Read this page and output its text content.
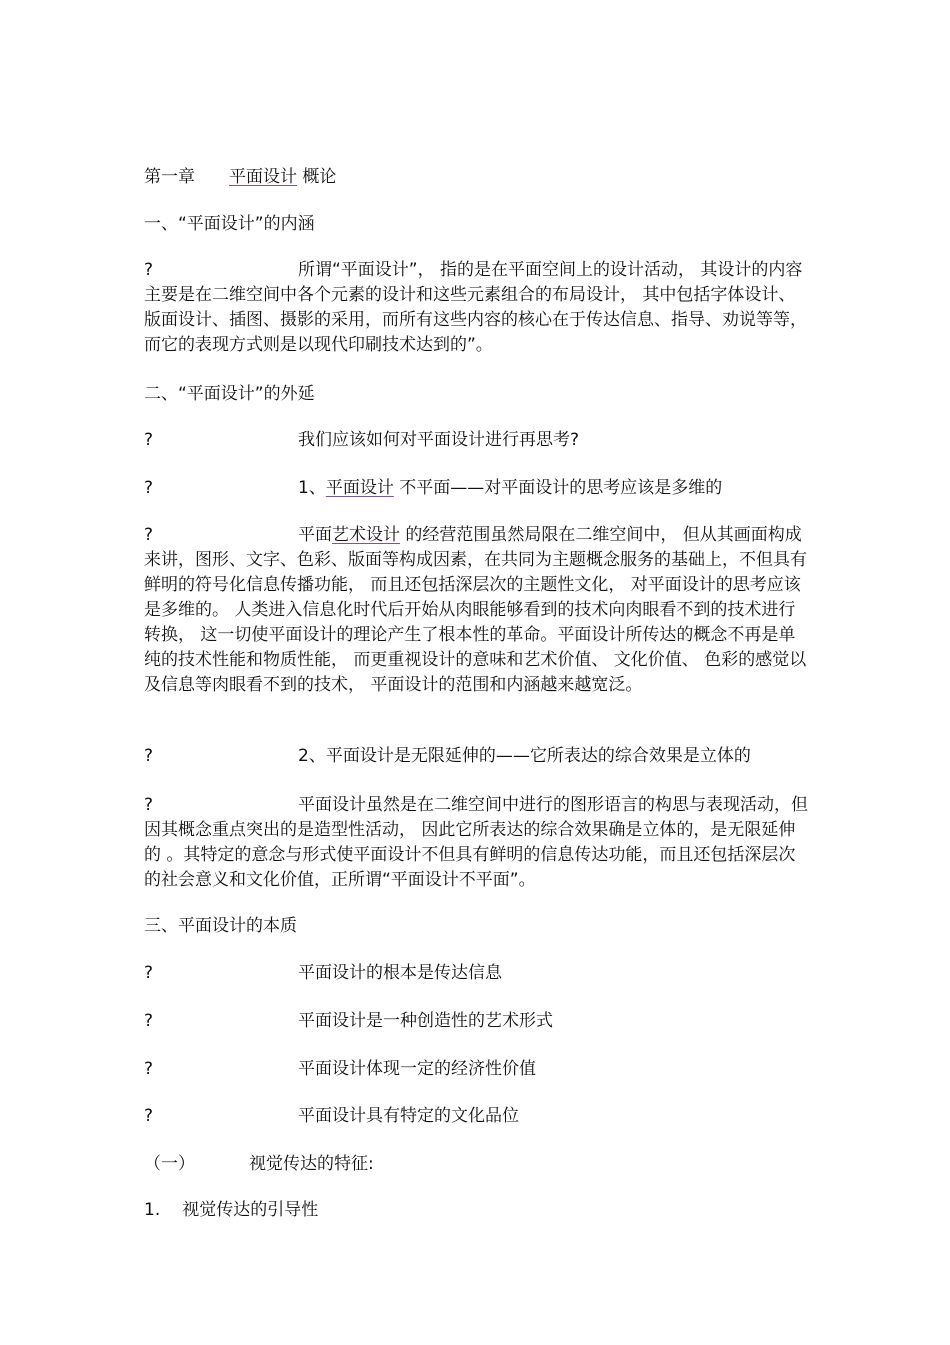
第一章 平面设计 概论
一、“平面设计”的内涵

?	所谓“平面设计”， 指的是在平面空间上的设计活动， 其设计的内容主要是在二维空间中各个元素的设计和这些元素组合的布局设计， 其中包括字体设计、版面设计、插图、摄影的采用，而所有这些内容的核心在于传达信息、指导、劝说等等，而它的表现方式则是以现代印刷技术达到的”。

二、“平面设计”的外延
?	我们应该如何对平面设计进行再思考?
?	1、平面设计 不平面——对平面设计的思考应该是多维的

?	平面艺术设计 的经营范围虽然局限在二维空间中， 但从其画面构成来讲，图形、文字、色彩、版面等构成因素，在共同为主题概念服务的基础上，不但具有鲜明的符号化信息传播功能， 而且还包括深层次的主题性文化， 对平面设计的思考应该是多维的。 人类进入信息化时代后开始从肉眼能够看到的技术向肉眼看不到的技术进行转换， 这一切使平面设计的理论产生了根本性的革命。平面设计所传达的概念不再是单纯的技术性能和物质性能， 而更重视设计的意味和艺术价值、 文化价值、 色彩的感觉以及信息等肉眼看不到的技术， 平面设计的范围和内涵越来越宽泛。

?	2、平面设计是无限延伸的——它所表达的综合效果是立体的

?	平面设计虽然是在二维空间中进行的图形语言的构思与表现活动，但因其概念重点突出的是造型性活动， 因此它所表达的综合效果确是立体的，是无限延伸的 。其特定的意念与形式使平面设计不但具有鲜明的信息传达功能，而且还包括深层次的社会意义和文化价值，正所谓“平面设计不平面”。

三、平面设计的本质
?	平面设计的根本是传达信息
?	平面设计是一种创造性的艺术形式
?	平面设计体现一定的经济性价值
?	平面设计具有特定的文化品位
（一）	视觉传达的特征:
1. 视觉传达的引导性
